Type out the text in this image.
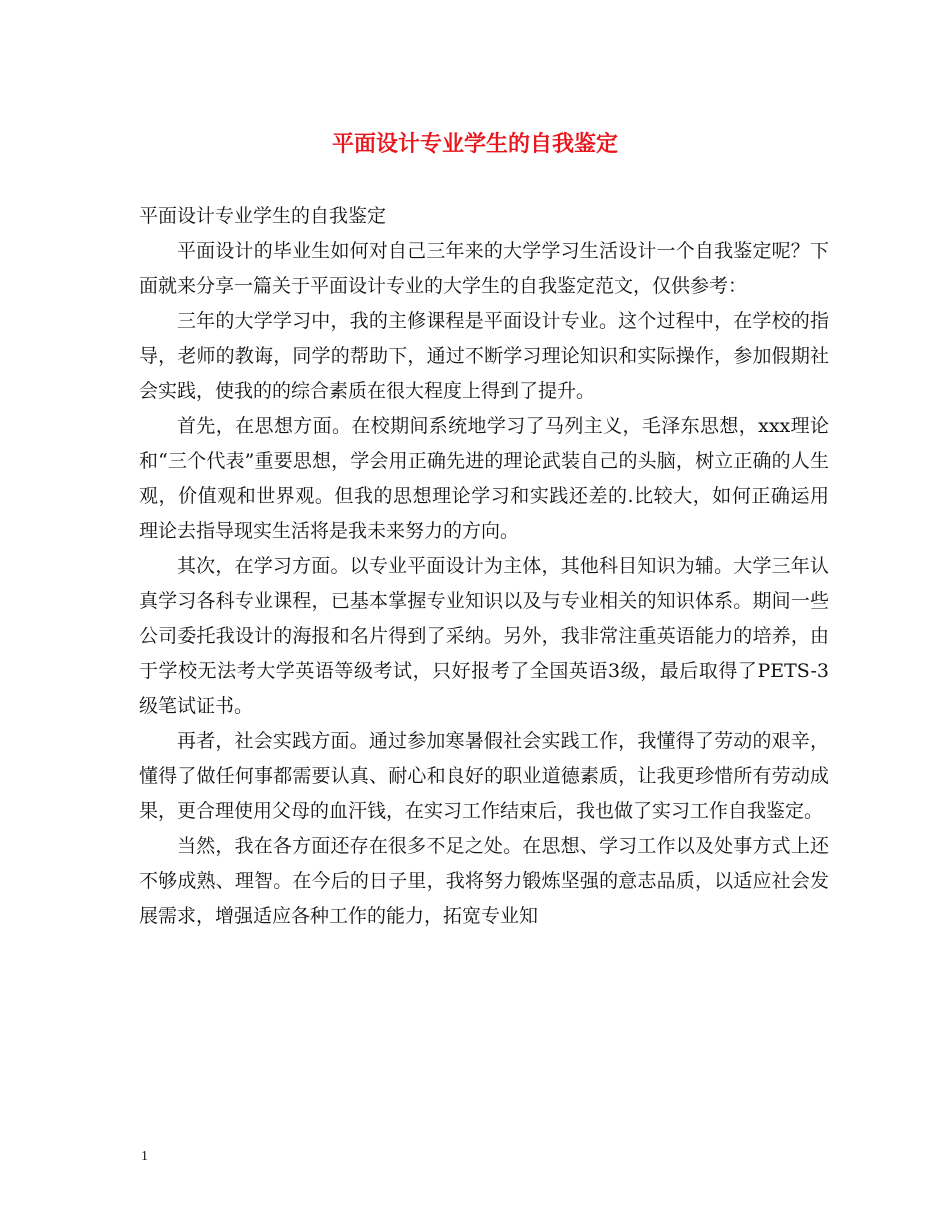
平面设计专业学生的自我鉴定

平面设计专业学生的自我鉴定

平面设计的毕业生如何对自己三年来的大学学习生活设计一个自我鉴定呢？下面就来分享一篇关于平面设计专业的大学生的自我鉴定范文，仅供参考：

三年的大学学习中，我的主修课程是平面设计专业。这个过程中，在学校的指导，老师的教诲，同学的帮助下，通过不断学习理论知识和实际操作，参加假期社会实践，使我的的综合素质在很大程度上得到了提升。

首先，在思想方面。在校期间系统地学习了马列主义，毛泽东思想，xxx理论和“三个代表”重要思想，学会用正确先进的理论武装自己的头脑，树立正确的人生观，价值观和世界观。但我的思想理论学习和实践还差的.比较大，如何正确运用理论去指导现实生活将是我未来努力的方向。

其次，在学习方面。以专业平面设计为主体，其他科目知识为辅。大学三年认真学习各科专业课程，已基本掌握专业知识以及与专业相关的知识体系。期间一些公司委托我设计的海报和名片得到了采纳。另外，我非常注重英语能力的培养，由于学校无法考大学英语等级考试，只好报考了全国英语3级，最后取得了PETS-3级笔试证书。

再者，社会实践方面。通过参加寒暑假社会实践工作，我懂得了劳动的艰辛，懂得了做任何事都需要认真、耐心和良好的职业道德素质，让我更珍惜所有劳动成果，更合理使用父母的血汗钱，在实习工作结束后，我也做了实习工作自我鉴定。

当然，我在各方面还存在很多不足之处。在思想、学习工作以及处事方式上还不够成熟、理智。在今后的日子里，我将努力锻炼坚强的意志品质，以适应社会发展需求，增强适应各种工作的能力，拓宽专业知

1
